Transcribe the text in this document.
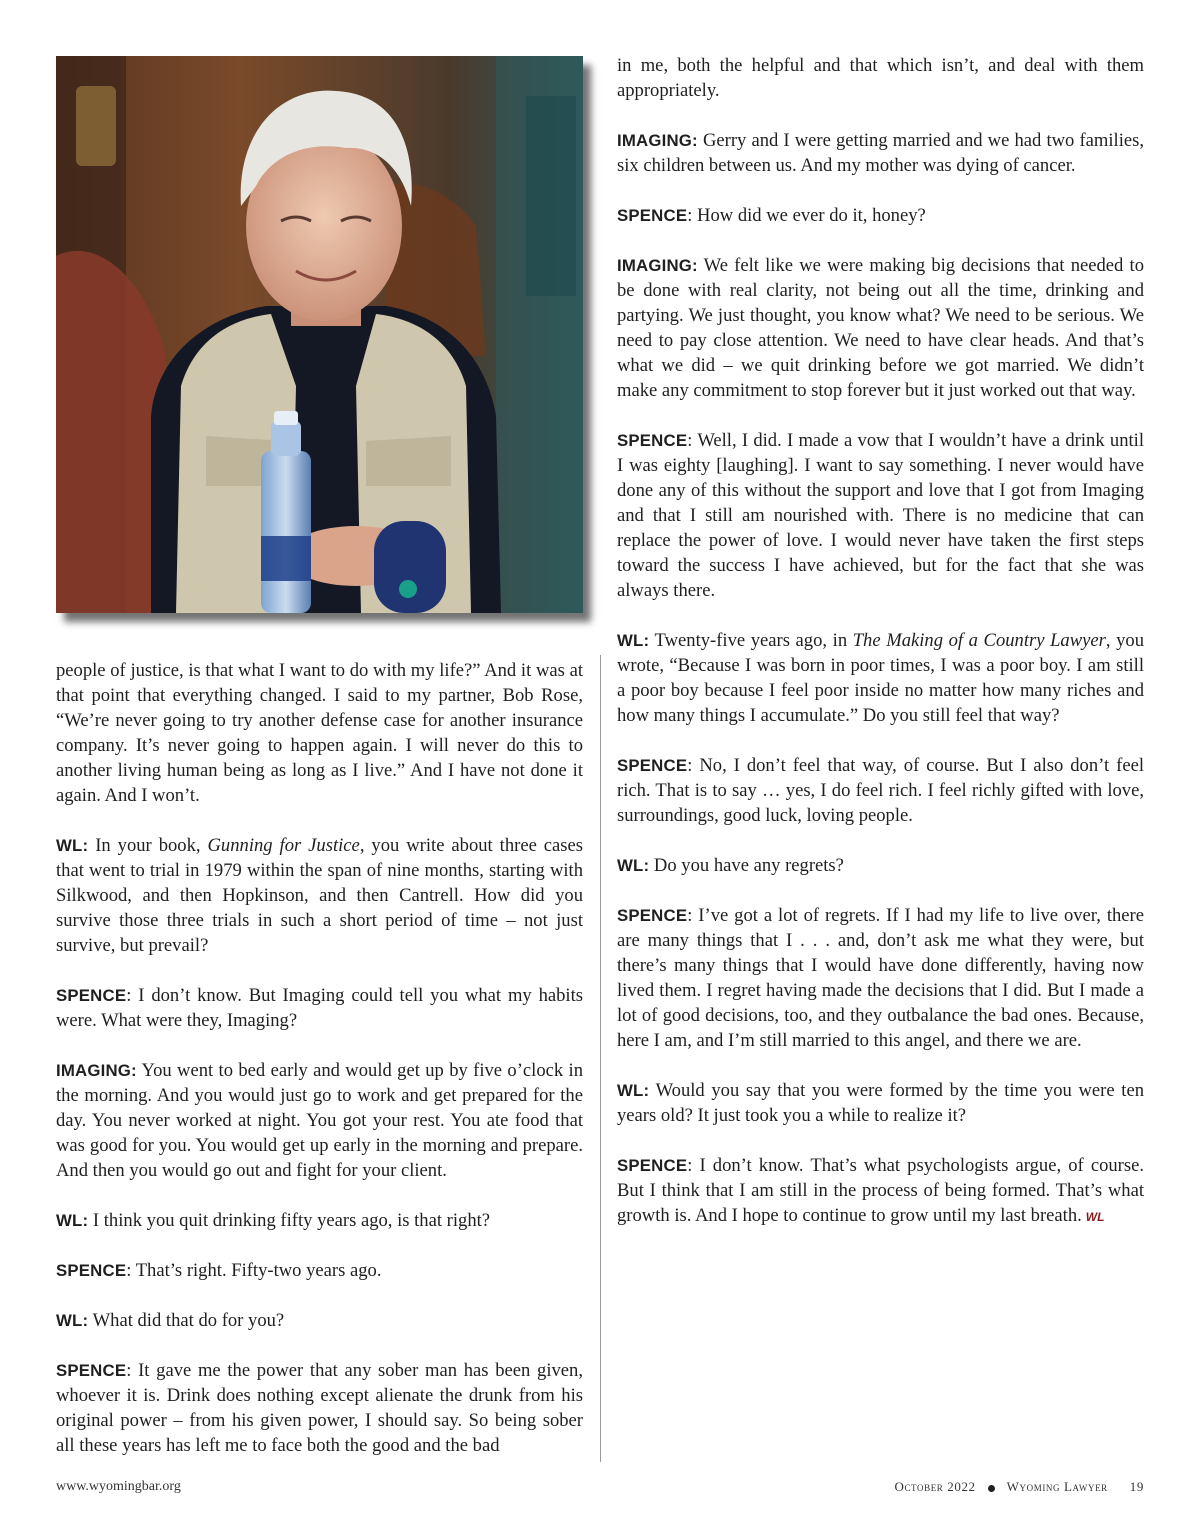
people of justice, is that what I want to do with my life?” And it was at that point that everything changed. I said to my partner, Bob Rose, “We’re never going to try another defense case for another insurance company. It’s never going to happen again. I will never do this to another living human being as long as I live.” And I have not done it again. And I won’t.

WL: In your book, Gunning for Justice, you write about three cases that went to trial in 1979 within the span of nine months, starting with Silkwood, and then Hopkinson, and then Cantrell. How did you survive those three trials in such a short period of time – not just survive, but prevail?

SPENCE: I don’t know. But Imaging could tell you what my habits were. What were they, Imaging?

IMAGING: You went to bed early and would get up by five o’clock in the morning. And you would just go to work and get prepared for the day. You never worked at night. You got your rest. You ate food that was good for you. You would get up early in the morning and prepare. And then you would go out and fight for your client.

WL: I think you quit drinking fifty years ago, is that right?

SPENCE: That’s right. Fifty-two years ago.

WL: What did that do for you?

SPENCE: It gave me the power that any sober man has been given, whoever it is. Drink does nothing except alienate the drunk from his original power – from his given power, I should say. So being sober all these years has left me to face both the good and the bad

in me, both the helpful and that which isn’t, and deal with them appropriately.

IMAGING: Gerry and I were getting married and we had two families, six children between us. And my mother was dying of cancer.

SPENCE: How did we ever do it, honey?

IMAGING: We felt like we were making big decisions that needed to be done with real clarity, not being out all the time, drinking and partying. We just thought, you know what? We need to be serious. We need to pay close attention. We need to have clear heads. And that’s what we did – we quit drinking before we got married. We didn’t make any commitment to stop forever but it just worked out that way.

SPENCE: Well, I did. I made a vow that I wouldn’t have a drink until I was eighty [laughing]. I want to say something. I never would have done any of this without the support and love that I got from Imaging and that I still am nourished with. There is no medicine that can replace the power of love. I would never have taken the first steps toward the success I have achieved, but for the fact that she was always there.

WL: Twenty-five years ago, in The Making of a Country Lawyer, you wrote, “Because I was born in poor times, I was a poor boy. I am still a poor boy because I feel poor inside no matter how many riches and how many things I accumulate.” Do you still feel that way?

SPENCE: No, I don’t feel that way, of course. But I also don’t feel rich. That is to say … yes, I do feel rich. I feel richly gifted with love, surroundings, good luck, loving people.

WL: Do you have any regrets?

SPENCE: I’ve got a lot of regrets. If I had my life to live over, there are many things that I . . . and, don’t ask me what they were, but there’s many things that I would have done differently, having now lived them. I regret having made the decisions that I did. But I made a lot of good decisions, too, and they outbalance the bad ones. Because, here I am, and I’m still married to this angel, and there we are.

WL: Would you say that you were formed by the time you were ten years old? It just took you a while to realize it?

SPENCE: I don’t know. That’s what psychologists argue, of course. But I think that I am still in the process of being formed. That’s what growth is. And I hope to continue to grow until my last breath. WL

www.wyomingbar.org	October 2022 Wyoming Lawyer 19
